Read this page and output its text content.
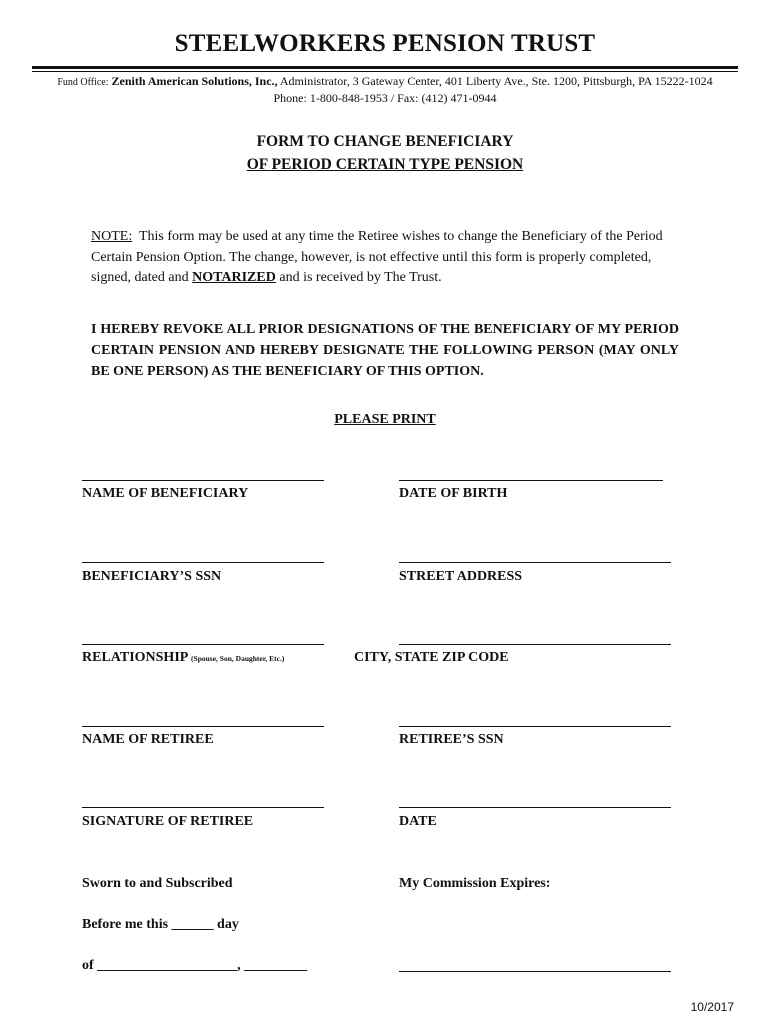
STEELWORKERS PENSION TRUST
Fund Office: Zenith American Solutions, Inc., Administrator, 3 Gateway Center, 401 Liberty Ave., Ste. 1200, Pittsburgh, PA 15222-1024
Phone: 1-800-848-1953 / Fax: (412) 471-0944
FORM TO CHANGE BENEFICIARY
OF PERIOD CERTAIN TYPE PENSION
NOTE: This form may be used at any time the Retiree wishes to change the Beneficiary of the Period Certain Pension Option. The change, however, is not effective until this form is properly completed, signed, dated and NOTARIZED and is received by The Trust.
I HEREBY REVOKE ALL PRIOR DESIGNATIONS OF THE BENEFICIARY OF MY PERIOD CERTAIN PENSION AND HEREBY DESIGNATE THE FOLLOWING PERSON (MAY ONLY BE ONE PERSON) AS THE BENEFICIARY OF THIS OPTION.
PLEASE PRINT
NAME OF BENEFICIARY	DATE OF BIRTH
BENEFICIARY’S SSN	STREET ADDRESS
RELATIONSHIP (Spouse, Son, Daughter, Etc.)	CITY, STATE ZIP CODE
NAME OF RETIREE	RETIREE’S SSN
SIGNATURE OF RETIREE	DATE
Sworn to and Subscribed	My Commission Expires:
Before me this ______ day
of ____________________, _________
10/2017
